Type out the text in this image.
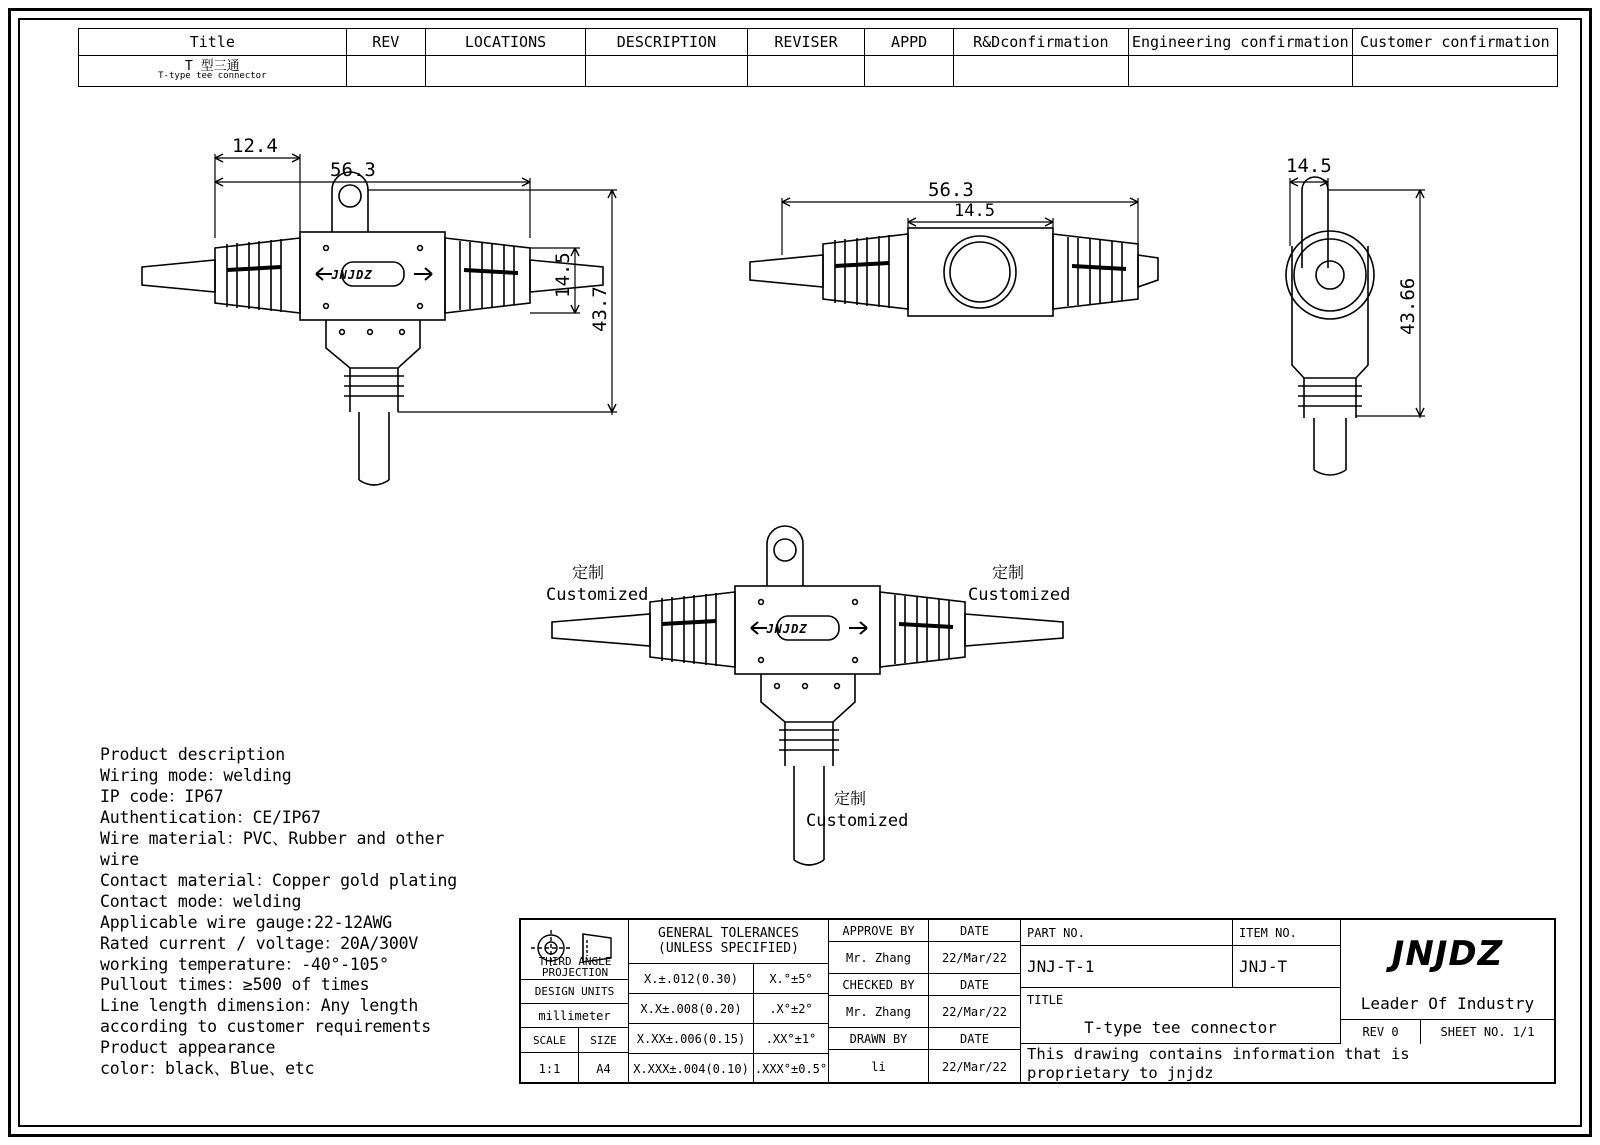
Title	REV	LOCATIONS	DESCRIPTION	REVISER	APPD	R&Dconfirmation	Engineering confirmation	Customer confirmation

T 型三通
T-type tee connector								

12.4
56.3
14.5
43.7
JNJDZ
56.3
14.5
14.5
43.66
定制
Customized
定制
Customized
定制
Customized
JNJDZ
Product description
Wiring mode：welding
IP code：IP67
Authentication：CE/IP67
Wire material：PVC、Rubber and other
wire
Contact material：Copper gold plating
Contact mode：welding
Applicable wire gauge:22-12AWG
Rated current / voltage：20A/300V
working temperature：-40°-105°
Pullout times：≥500 of times
Line length dimension：Any length
according to customer requirements
Product appearance
color：black、Blue、etc
THIRD ANGLE
PROJECTION
DESIGN UNITS
millimeter
SCALE	SIZE
1:1	A4
GENERAL TOLERANCES
(UNLESS SPECIFIED)
X.±.012(0.30)	X.°±5°
X.X±.008(0.20)	.X°±2°
X.XX±.006(0.15)	.XX°±1°
X.XXX±.004(0.10) .XXX°±0.5°
APPROVE BY	DATE
Mr. Zhang	22/Mar/22
CHECKED BY	DATE
Mr. Zhang	22/Mar/22
DRAWN BY	DATE
li	22/Mar/22
PART NO.	ITEM NO.
JNJ-T-1	JNJ-T
TITLE
T-type tee connector
This drawing contains information that is
proprietary to jnjdz
JNJDZ
Leader Of Industry
REV 0	SHEET NO. 1/1
